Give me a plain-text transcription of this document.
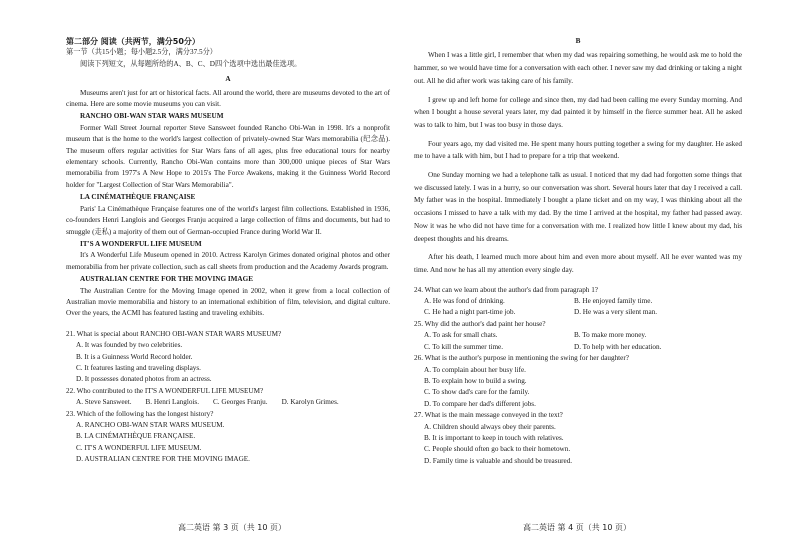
第二部分 阅读（共两节，满分50分）

第一节（共15小题；每小题2.5分，满分37.5分）

阅读下列短文，从每题所给的A、B、C、D四个选项中选出最佳选项。

A

Museums aren't just for art or historical facts. All around the world, there are museums devoted to the art of cinema. Here are some movie museums you can visit.

RANCHO OBI-WAN STAR WARS MUSEUM

Former Wall Street Journal reporter Steve Sansweet founded Rancho Obi-Wan in 1998. It's a nonprofit museum that is the home to the world's largest collection of privately-owned Star Wars memorabilia (纪念品). The museum offers regular activities for Star Wars fans of all ages, plus free educational tours for nearby elementary schools. Currently, Rancho Obi-Wan contains more than 300,000 unique pieces of Star Wars memorabilia from 1977's A New Hope to 2015's The Force Awakens, making it the Guinness World Record holder for "Largest Collection of Star Wars Memorabilia".

LA CINÉMATHÈQUE FRANÇAISE

Paris' La Cinémathèque Française features one of the world's largest film collections. Established in 1936, co-founders Henri Langlois and Georges Franju acquired a large collection of films and documents, but had to smuggle (走私) a majority of them out of German-occupied France during World War II.

IT'S A WONDERFUL LIFE MUSEUM

It's A Wonderful Life Museum opened in 2010. Actress Karolyn Grimes donated original photos and other memorabilia from her private collection, such as call sheets from production and the Academy Awards program.

AUSTRALIAN CENTRE FOR THE MOVING IMAGE

The Australian Centre for the Moving Image opened in 2002, when it grew from a local collection of Australian movie memorabilia and history to an international exhibition of film, television, and digital culture. Over the years, the ACMI has featured lasting and traveling exhibits.

21. What is special about RANCHO OBI-WAN STAR WARS MUSEUM?

A. It was founded by two celebrities.

B. It is a Guinness World Record holder.

C. It features lasting and traveling displays.

D. It possesses donated photos from an actress.

22. Who contributed to the IT'S A WONDERFUL LIFE MUSEUM?

A. Steve Sansweet. B. Henri Langlois. C. Georges Franju. D. Karolyn Grimes.

23. Which of the following has the longest history?

A. RANCHO OBI-WAN STAR WARS MUSEUM.

B. LA CINÉMATHÈQUE FRANÇAISE.

C. IT'S A WONDERFUL LIFE MUSEUM.

D. AUSTRALIAN CENTRE FOR THE MOVING IMAGE.

高二英语 第 3 页（共 10 页）
B

When I was a little girl, I remember that when my dad was repairing something, he would ask me to hold the hammer, so we would have time for a conversation with each other. I never saw my dad drinking or taking a night out. All he did after work was taking care of his family.

I grew up and left home for college and since then, my dad had been calling me every Sunday morning. And when I bought a house several years later, my dad painted it by himself in the fierce summer heat. All he asked was to talk to him, but I was too busy in those days.

Four years ago, my dad visited me. He spent many hours putting together a swing for my daughter. He asked me to have a talk with him, but I had to prepare for a trip that weekend.

One Sunday morning we had a telephone talk as usual. I noticed that my dad had forgotten some things that we discussed lately. I was in a hurry, so our conversation was short. Several hours later that day I received a call. My father was in the hospital. Immediately I bought a plane ticket and on my way, I was thinking about all the occasions I missed to have a talk with my dad. By the time I arrived at the hospital, my father had passed away. Now it was he who did not have time for a conversation with me. I realized how little I knew about my dad, his deepest thoughts and his dreams.

After his death, I learned much more about him and even more about myself. All he ever wanted was my time. And now he has all my attention every single day.

24. What can we learn about the author's dad from paragraph 1?

A. He was fond of drinking.	B. He enjoyed family time.
C. He had a night part-time job.	D. He was a very silent man.

25. Why did the author's dad paint her house?

A. To ask for small chats.	B. To make more money.
C. To kill the summer time.	D. To help with her education.

26. What is the author's purpose in mentioning the swing for her daughter?

A. To complain about her busy life.

B. To explain how to build a swing.

C. To show dad's care for the family.

D. To compare her dad's different jobs.

27. What is the main message conveyed in the text?

A. Children should always obey their parents.

B. It is important to keep in touch with relatives.

C. People should often go back to their hometown.

D. Family time is valuable and should be treasured.

高二英语 第 4 页（共 10 页）
